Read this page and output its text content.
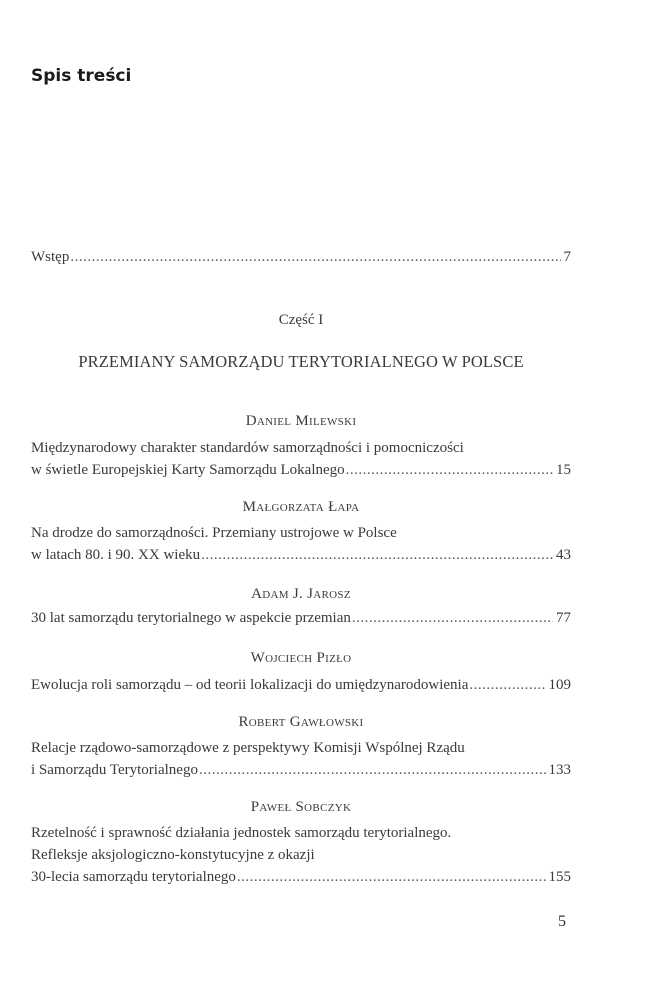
Spis treści
Wstęp .....	7
Część I
PRZEMIANY SAMORZĄDU TERYTORIALNEGO W POLSCE
Daniel Milewski
Międzynarodowy charakter standardów samorządności i pomocniczości
w świetle Europejskiej Karty Samorządu Lokalnego .....	15
Małgorzata Łapa
Na drodze do samorządności. Przemiany ustrojowe w Polsce
w latach 80. i 90. XX wieku .....	43
Adam J. Jarosz
30 lat samorządu terytorialnego w aspekcie przemian .....	77
Wojciech Pizło
Ewolucja roli samorządu – od teorii lokalizacji do umiędzynarodowienia .....	109
Robert Gawłowski
Relacje rządowo-samorządowe z perspektywy Komisji Wspólnej Rządu
i Samorządu Terytorialnego .....	133
Paweł Sobczyk
Rzetelność i sprawność działania jednostek samorządu terytorialnego.
Refleksje aksjologiczno-konstytucyjne z okazji
30-lecia samorządu terytorialnego .....	155
5
